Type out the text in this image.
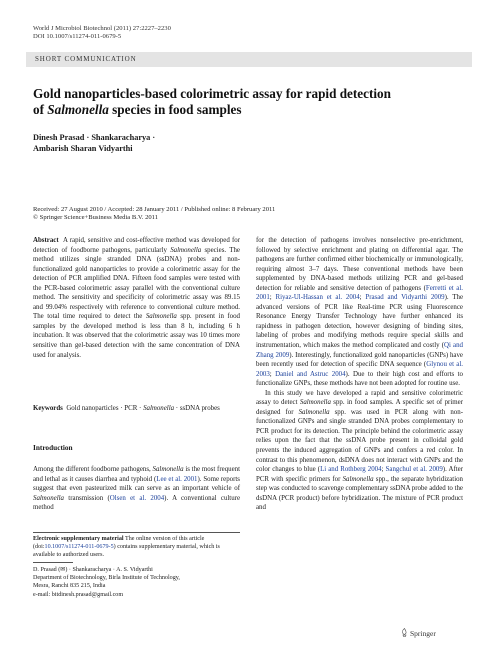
World J Microbiol Biotechnol (2011) 27:2227–2230
DOI 10.1007/s11274-011-0679-5
SHORT COMMUNICATION
Gold nanoparticles-based colorimetric assay for rapid detection
of Salmonella species in food samples
Dinesh Prasad · Shankaracharya ·
Ambarish Sharan Vidyarthi
Received: 27 August 2010 / Accepted: 28 January 2011 / Published online: 8 February 2011
© Springer Science+Business Media B.V. 2011

Abstract A rapid, sensitive and cost-effective method was developed for detection of foodborne pathogens, particularly Salmonella species. The method utilizes single stranded DNA (ssDNA) probes and non-functionalized gold nanoparticles to provide a colorimetric assay for the detection of PCR amplified DNA. Fifteen food samples were tested with the PCR-based colorimetric assay parallel with the conventional culture method. The sensitivity and specificity of colorimetric assay was 89.15 and 99.04% respectively with reference to conventional culture method. The total time required to detect the Salmonella spp. present in food samples by the developed method is less than 8 h, including 6 h incubation. It was observed that the colorimetric assay was 10 times more sensitive than gel-based detection with the same concentration of DNA used for analysis.

Keywords Gold nanoparticles · PCR · Salmonella · ssDNA probes

Introduction

Among the different foodborne pathogens, Salmonella is the most frequent and lethal as it causes diarrhea and typhoid (Lee et al. 2001). Some reports suggest that even pasteurized milk can serve as an important vehicle of Salmonella transmission (Olsen et al. 2004). A conventional culture method

Electronic supplementary material The online version of this article (doi:10.1007/s11274-011-0679-5) contains supplementary material, which is available to authorized users.
D. Prasad (✉) · Shankaracharya · A. S. Vidyarthi
Department of Biotechnology, Birla Institute of Technology,
Mesra, Ranchi 835 215, India
e-mail: bitdinesh.prasad@gmail.com

for the detection of pathogens involves nonselective pre-enrichment, followed by selective enrichment and plating on differential agar. The pathogens are further confirmed either biochemically or immunologically, requiring almost 3–7 days. These conventional methods have been supplemented by DNA-based methods utilizing PCR and gel-based detection for reliable and sensitive detection of pathogens (Ferretti et al. 2001; Riyaz-Ul-Hassan et al. 2004; Prasad and Vidyarthi 2009). The advanced versions of PCR like Real-time PCR using Fluorescence Resonance Energy Transfer Technology have further enhanced its rapidness in pathogen detection, however designing of binding sites, labeling of probes and modifying methods require special skills and instrumentation, which makes the method complicated and costly (Qi and Zhang 2009). Interestingly, functionalized gold nanoparticles (GNPs) have been recently used for detection of specific DNA sequence (Glynou et al. 2003; Daniel and Astruc 2004). Due to their high cost and efforts to functionalize GNPs, these methods have not been adopted for routine use.

In this study we have developed a rapid and sensitive colorimetric assay to detect Salmonella spp. in food samples. A specific set of primer designed for Salmonella spp. was used in PCR along with non-functionalized GNPs and single stranded DNA probes complementary to PCR product for its detection. The principle behind the colorimetric assay relies upon the fact that the ssDNA probe present in colloidal gold prevents the induced aggregation of GNPs and confers a red color. In contrast to this phenomenon, dsDNA does not interact with GNPs and the color changes to blue (Li and Rothberg 2004; Sangchul et al. 2009). After PCR with specific primers for Salmonella spp., the separate hybridization step was conducted to scavenge complementary ssDNA probe added to the dsDNA (PCR product) before hybridization. The mixture of PCR product and

Springer
